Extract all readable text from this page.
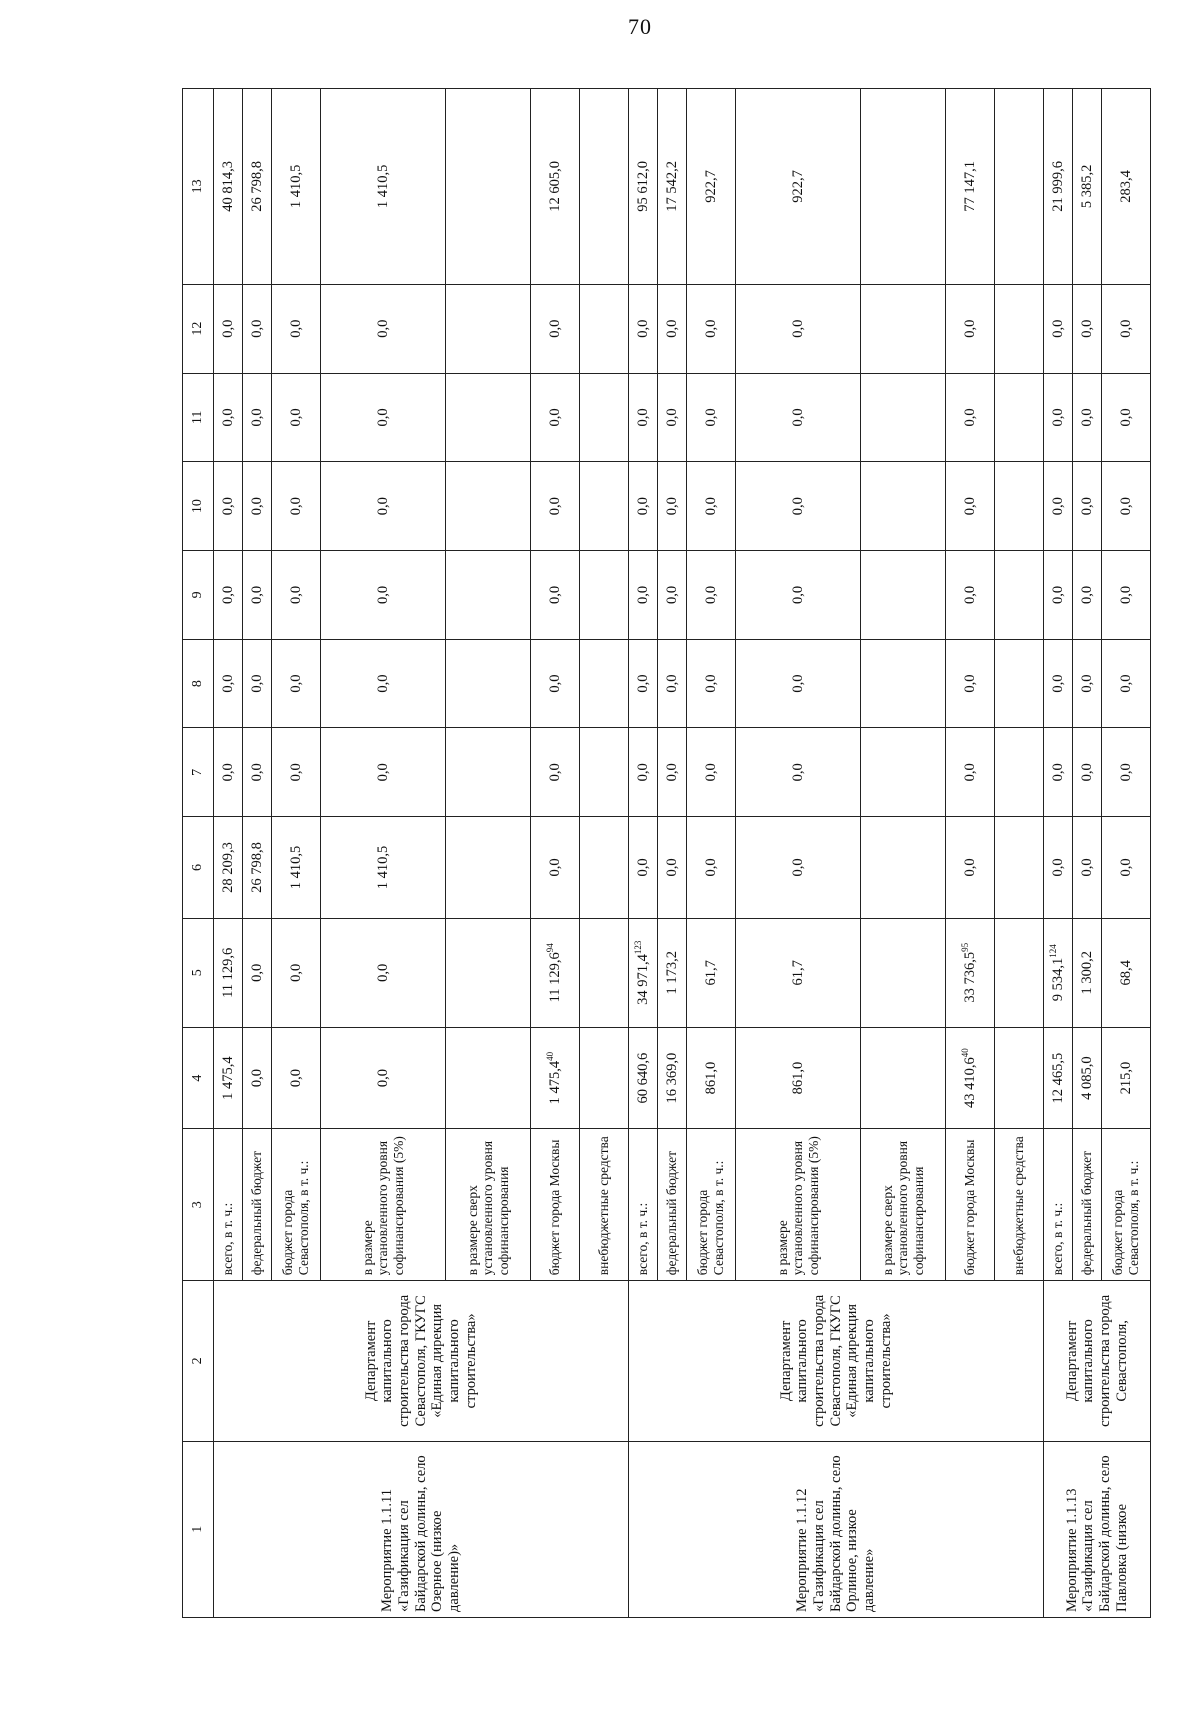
70
1	2	3	4	5	6	7	8	9	10	11	12	13
Мероприятие 1.1.11 «Газификация сел Байдарской долины, село Озерное (низкое давление)»	Департамент капитального строительства города Севастополя, ГКУГС «Единая дирекция капитального строительства»	всего, в т. ч.:	1 475,4	11 129,6	28 209,3	0,0	0,0	0,0	0,0	0,0	0,0	40 814,3
		федеральный бюджет	0,0	0,0	26 798,8	0,0	0,0	0,0	0,0	0,0	0,0	26 798,8
		бюджет города Севастополя, в т. ч.:	0,0	0,0	1 410,5	0,0	0,0	0,0	0,0	0,0	0,0	1 410,5
		в размере установленного уровня софинансирования (5%)	0,0	0,0	1 410,5	0,0	0,0	0,0	0,0	0,0	0,0	1 410,5
		в размере сверх установленного уровня софинансирования										
		бюджет города Москвы	1 475,4$^{40}$	11 129,6$^{94}$	0,0	0,0	0,0	0,0	0,0	0,0	0,0	12 605,0
		внебюджетные средства										
Мероприятие 1.1.12 «Газификация сел Байдарской долины, село Орлиное, низкое давление»	Департамент капитального строительства города Севастополя, ГКУГС «Единая дирекция капитального строительства»	всего, в т. ч.:	60 640,6	34 971,4$^{123}$	0,0	0,0	0,0	0,0	0,0	0,0	0,0	95 612,0
		федеральный бюджет	16 369,0	1 173,2	0,0	0,0	0,0	0,0	0,0	0,0	0,0	17 542,2
		бюджет города Севастополя, в т. ч.:	861,0	61,7	0,0	0,0	0,0	0,0	0,0	0,0	0,0	922,7
		в размере установленного уровня софинансирования (5%)	861,0	61,7	0,0	0,0	0,0	0,0	0,0	0,0	0,0	922,7
		в размере сверх установленного уровня софинансирования										
		бюджет города Москвы	43 410,6$^{40}$	33 736,5$^{95}$	0,0	0,0	0,0	0,0	0,0	0,0	0,0	77 147,1
		внебюджетные средства										
Мероприятие 1.1.13 «Газификация сел Байдарской долины, село Павловка (низкое	Департамент капитального строительства города Севастополя,	всего, в т. ч.:	12 465,5	9 534,1$^{124}$	0,0	0,0	0,0	0,0	0,0	0,0	0,0	21 999,6
		федеральный бюджет	4 085,0	1 300,2	0,0	0,0	0,0	0,0	0,0	0,0	0,0	5 385,2
		бюджет города Севастополя, в т. ч.:	215,0	68,4	0,0	0,0	0,0	0,0	0,0	0,0	0,0	283,4
